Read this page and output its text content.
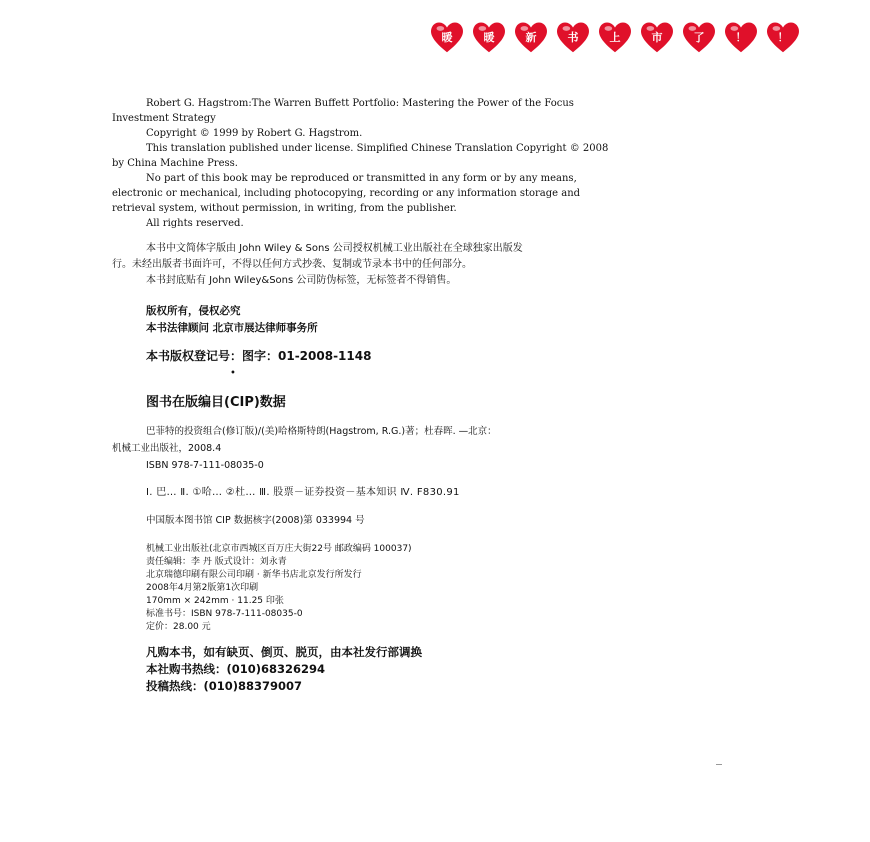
暖	暖	新	书	上	市	了	！	！

Robert G. Hagstrom:The Warren Buffett Portfolio: Mastering the Power of the Focus

Investment Strategy

Copyright © 1999 by Robert G. Hagstrom.

This translation published under license. Simplified Chinese Translation Copyright © 2008

by China Machine Press.

No part of this book may be reproduced or transmitted in any form or by any means,

electronic or mechanical, including photocopying, recording or any information storage and

retrieval system, without permission, in writing, from the publisher.

All rights reserved.

本书中文简体字版由 John Wiley & Sons 公司授权机械工业出版社在全球独家出版发

行。未经出版者书面许可，不得以任何方式抄袭、复制或节录本书中的任何部分。

本书封底贴有 John Wiley&Sons 公司防伪标签，无标签者不得销售。

版权所有，侵权必究

本书法律顾问 北京市展达律师事务所

本书版权登记号：图字：01-2008-1148

•

图书在版编目(CIP)数据

巴菲特的投资组合(修订版)/(美)哈格斯特朗(Hagstrom, R.G.)著；杜春晖. —北京：

机械工业出版社，2008.4

ISBN 978-7-111-08035-0

Ⅰ. 巴… Ⅱ. ①哈… ②杜… Ⅲ. 股票－证券投资－基本知识 Ⅳ. F830.91

中国版本图书馆 CIP 数据核字(2008)第 033994 号

机械工业出版社(北京市西城区百万庄大街22号 邮政编码 100037)

责任编辑：李 丹 版式设计：刘永青

北京瑞德印刷有限公司印刷 · 新华书店北京发行所发行

2008年4月第2版第1次印刷

170mm × 242mm · 11.25 印张

标准书号：ISBN 978-7-111-08035-0

定价：28.00 元

凡购本书，如有缺页、倒页、脱页，由本社发行部调换

本社购书热线：(010)68326294

投稿热线：(010)88379007
